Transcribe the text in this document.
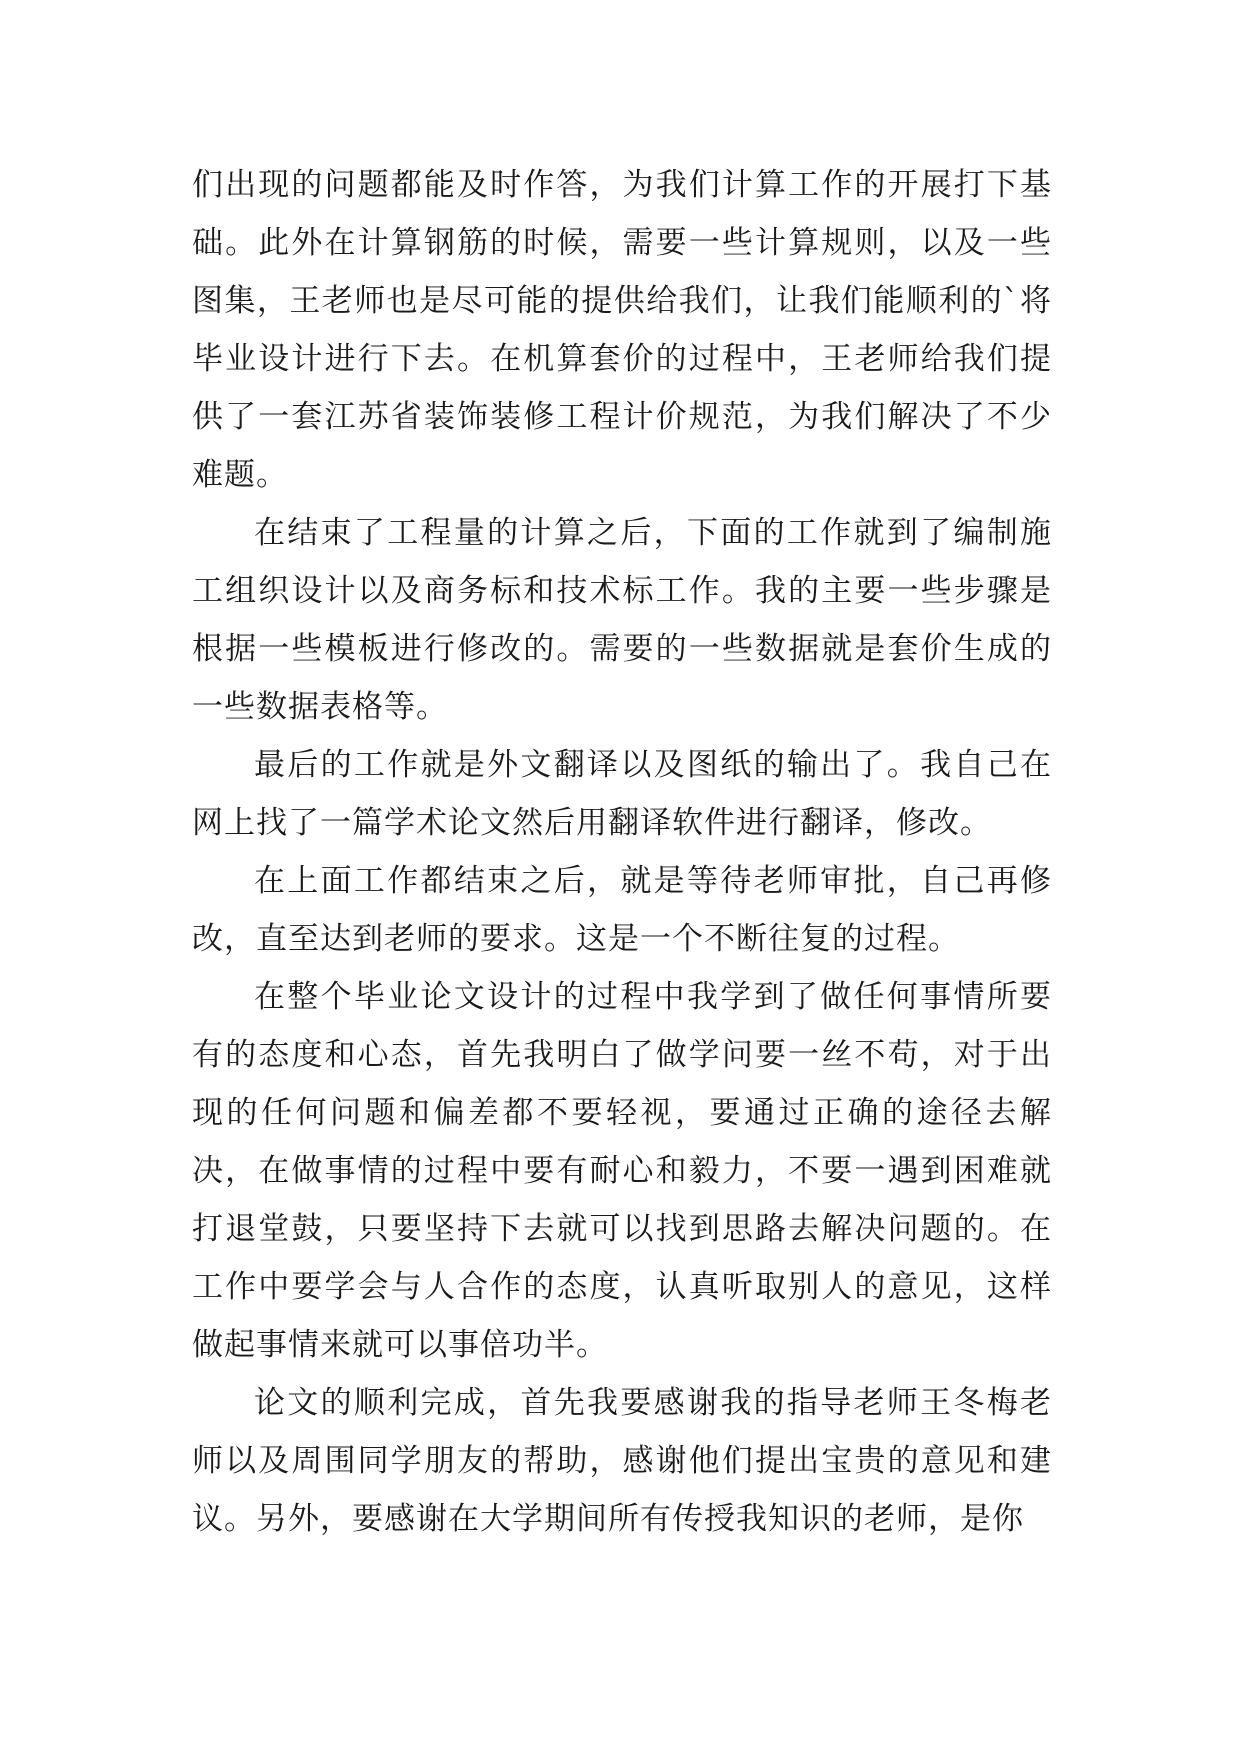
们出现的问题都能及时作答，为我们计算工作的开展打下基础。此外在计算钢筋的时候，需要一些计算规则，以及一些图集，王老师也是尽可能的提供给我们，让我们能顺利的`将毕业设计进行下去。在机算套价的过程中，王老师给我们提供了一套江苏省装饰装修工程计价规范，为我们解决了不少难题。

在结束了工程量的计算之后，下面的工作就到了编制施工组织设计以及商务标和技术标工作。我的主要一些步骤是根据一些模板进行修改的。需要的一些数据就是套价生成的一些数据表格等。

最后的工作就是外文翻译以及图纸的输出了。我自己在网上找了一篇学术论文然后用翻译软件进行翻译，修改。

在上面工作都结束之后，就是等待老师审批，自己再修改，直至达到老师的要求。这是一个不断往复的过程。

在整个毕业论文设计的过程中我学到了做任何事情所要有的态度和心态，首先我明白了做学问要一丝不苟，对于出现的任何问题和偏差都不要轻视，要通过正确的途径去解决，在做事情的过程中要有耐心和毅力，不要一遇到困难就打退堂鼓，只要坚持下去就可以找到思路去解决问题的。在工作中要学会与人合作的态度，认真听取别人的意见，这样做起事情来就可以事倍功半。

论文的顺利完成，首先我要感谢我的指导老师王冬梅老师以及周围同学朋友的帮助，感谢他们提出宝贵的意见和建议。另外，要感谢在大学期间所有传授我知识的老师，是你
